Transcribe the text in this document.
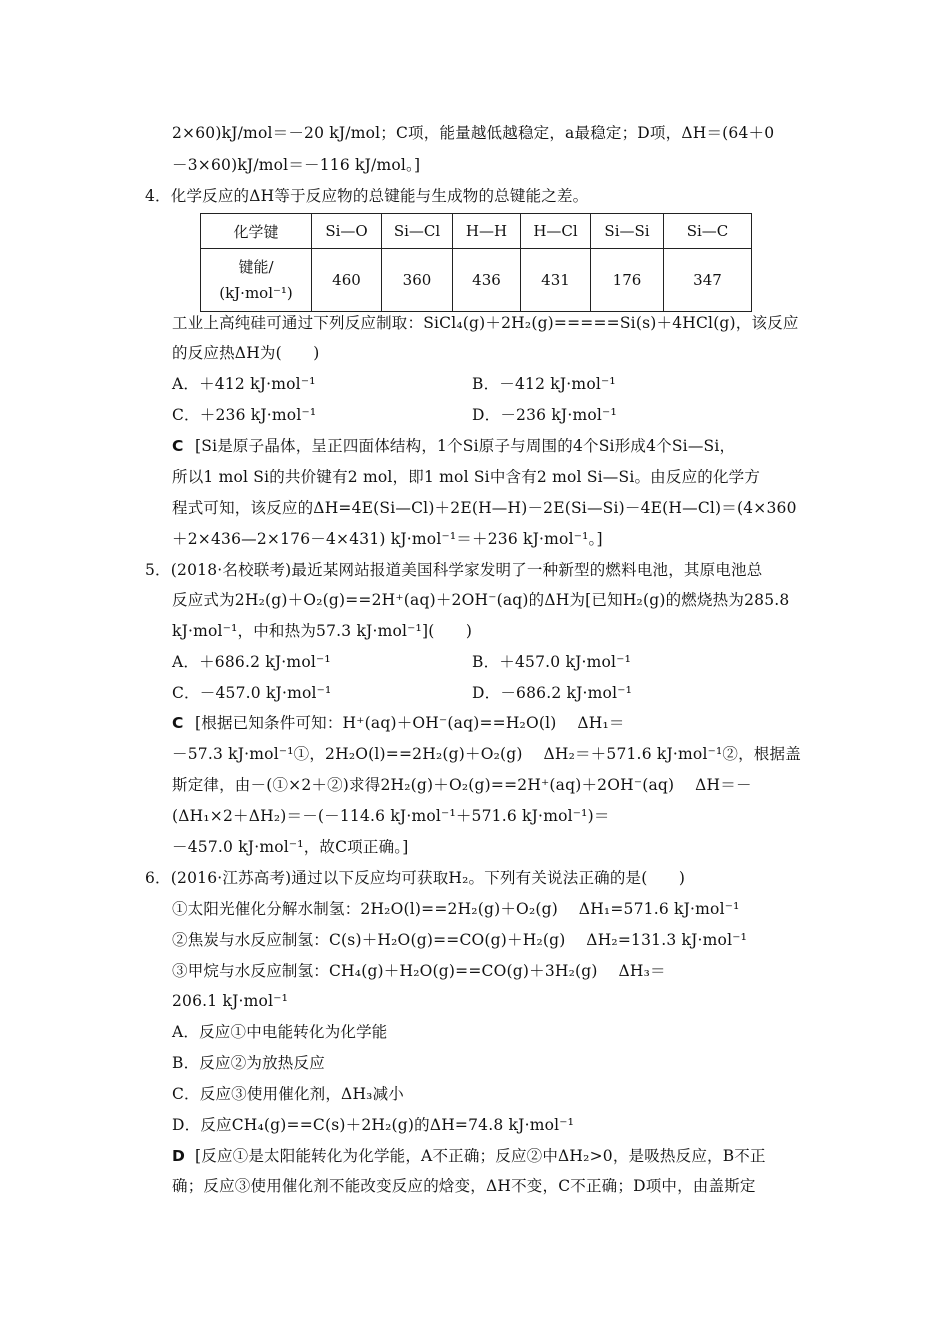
2×60)kJ/mol＝－20 kJ/mol；C项，能量越低越稳定，a最稳定；D项，ΔH＝(64＋0
－3×60)kJ/mol＝－116 kJ/mol。]
4．化学反应的ΔH等于反应物的总键能与生成物的总键能之差。
化学键	Si—O	Si—Cl	H—H	H—Cl	Si—Si	Si—C

键能/
(kJ·mol⁻¹)	460	360	436	431	176	347
工业上高纯硅可通过下列反应制取：SiCl₄(g)＋2H₂(g)=====Si(s)＋4HCl(g)，该反应
的反应热ΔH为(　　)
A．＋412 kJ·mol⁻¹	B．－412 kJ·mol⁻¹
C．＋236 kJ·mol⁻¹	D．－236 kJ·mol⁻¹
C [Si是原子晶体，呈正四面体结构，1个Si原子与周围的4个Si形成4个Si—Si，
所以1 mol Si的共价键有2 mol，即1 mol Si中含有2 mol Si—Si。由反应的化学方
程式可知，该反应的ΔH=4E(Si—Cl)＋2E(H—H)－2E(Si—Si)－4E(H—Cl)＝(4×360
＋2×436—2×176－4×431) kJ·mol⁻¹＝＋236 kJ·mol⁻¹。]
5．(2018·名校联考)最近某网站报道美国科学家发明了一种新型的燃料电池，其原电池总
反应式为2H₂(g)＋O₂(g)==2H⁺(aq)＋2OH⁻(aq)的ΔH为[已知H₂(g)的燃烧热为285.8
kJ·mol⁻¹，中和热为57.3 kJ·mol⁻¹](　　)
A．＋686.2 kJ·mol⁻¹	B．＋457.0 kJ·mol⁻¹
C．－457.0 kJ·mol⁻¹	D．－686.2 kJ·mol⁻¹
C [根据已知条件可知：H⁺(aq)＋OH⁻(aq)==H₂O(l)　 ΔH₁＝
－57.3 kJ·mol⁻¹①，2H₂O(l)==2H₂(g)＋O₂(g)　 ΔH₂＝＋571.6 kJ·mol⁻¹②，根据盖
斯定律，由－(①×2＋②)求得2H₂(g)＋O₂(g)==2H⁺(aq)＋2OH⁻(aq)　 ΔH＝－
(ΔH₁×2＋ΔH₂)＝－(－114.6 kJ·mol⁻¹＋571.6 kJ·mol⁻¹)＝
－457.0 kJ·mol⁻¹，故C项正确。]
6．(2016·江苏高考)通过以下反应均可获取H₂。下列有关说法正确的是(　　)
①太阳光催化分解水制氢：2H₂O(l)==2H₂(g)＋O₂(g)　 ΔH₁=571.6 kJ·mol⁻¹
②焦炭与水反应制氢：C(s)＋H₂O(g)==CO(g)＋H₂(g)　 ΔH₂=131.3 kJ·mol⁻¹
③甲烷与水反应制氢：CH₄(g)＋H₂O(g)==CO(g)＋3H₂(g)　 ΔH₃＝
206.1 kJ·mol⁻¹
A．反应①中电能转化为化学能
B．反应②为放热反应
C．反应③使用催化剂，ΔH₃减小
D．反应CH₄(g)==C(s)＋2H₂(g)的ΔH=74.8 kJ·mol⁻¹
D [反应①是太阳能转化为化学能，A不正确；反应②中ΔH₂>0，是吸热反应，B不正
确；反应③使用催化剂不能改变反应的焓变，ΔH不变，C不正确；D项中，由盖斯定
